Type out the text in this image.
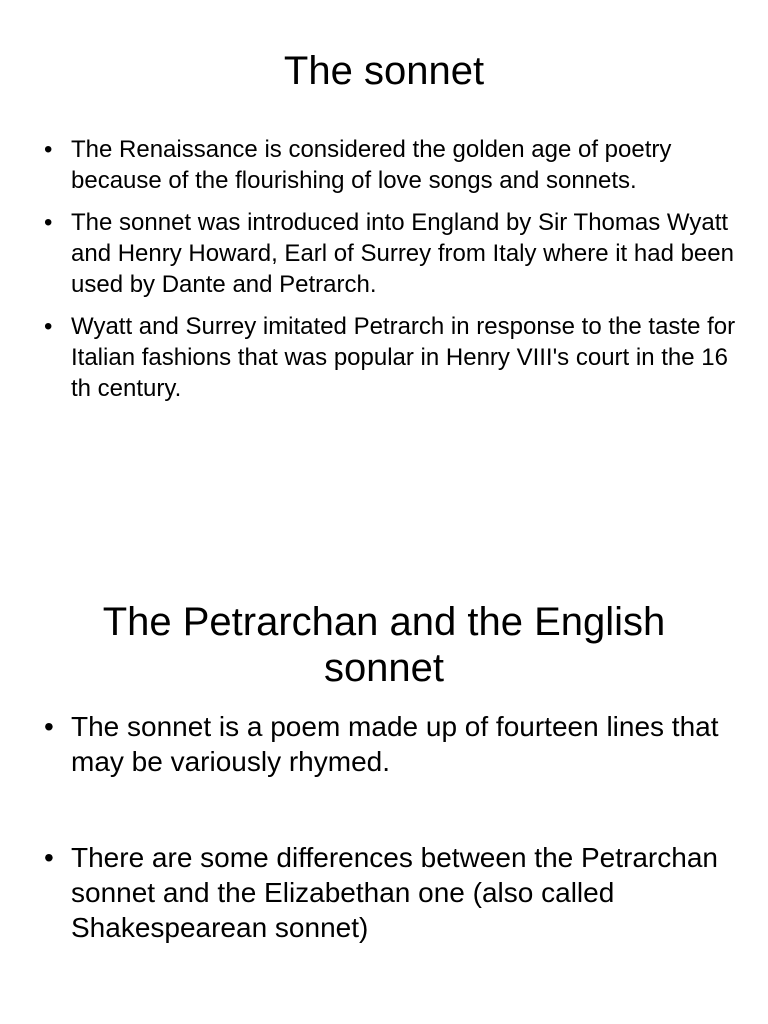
The sonnet
• The Renaissance is considered the golden age of poetry because of the flourishing of love songs and sonnets.
• The sonnet was introduced into England by Sir Thomas Wyatt and Henry Howard, Earl of Surrey from Italy where it had been used by Dante and Petrarch.
• Wyatt and Surrey imitated Petrarch in response to the taste for Italian fashions that was popular in Henry VIII's court in the 16 th century.
The Petrarchan and the English sonnet
• The sonnet is a poem made up of fourteen lines that may be variously rhymed.
• There are some differences between the Petrarchan sonnet and the Elizabethan one (also called Shakespearean sonnet)
